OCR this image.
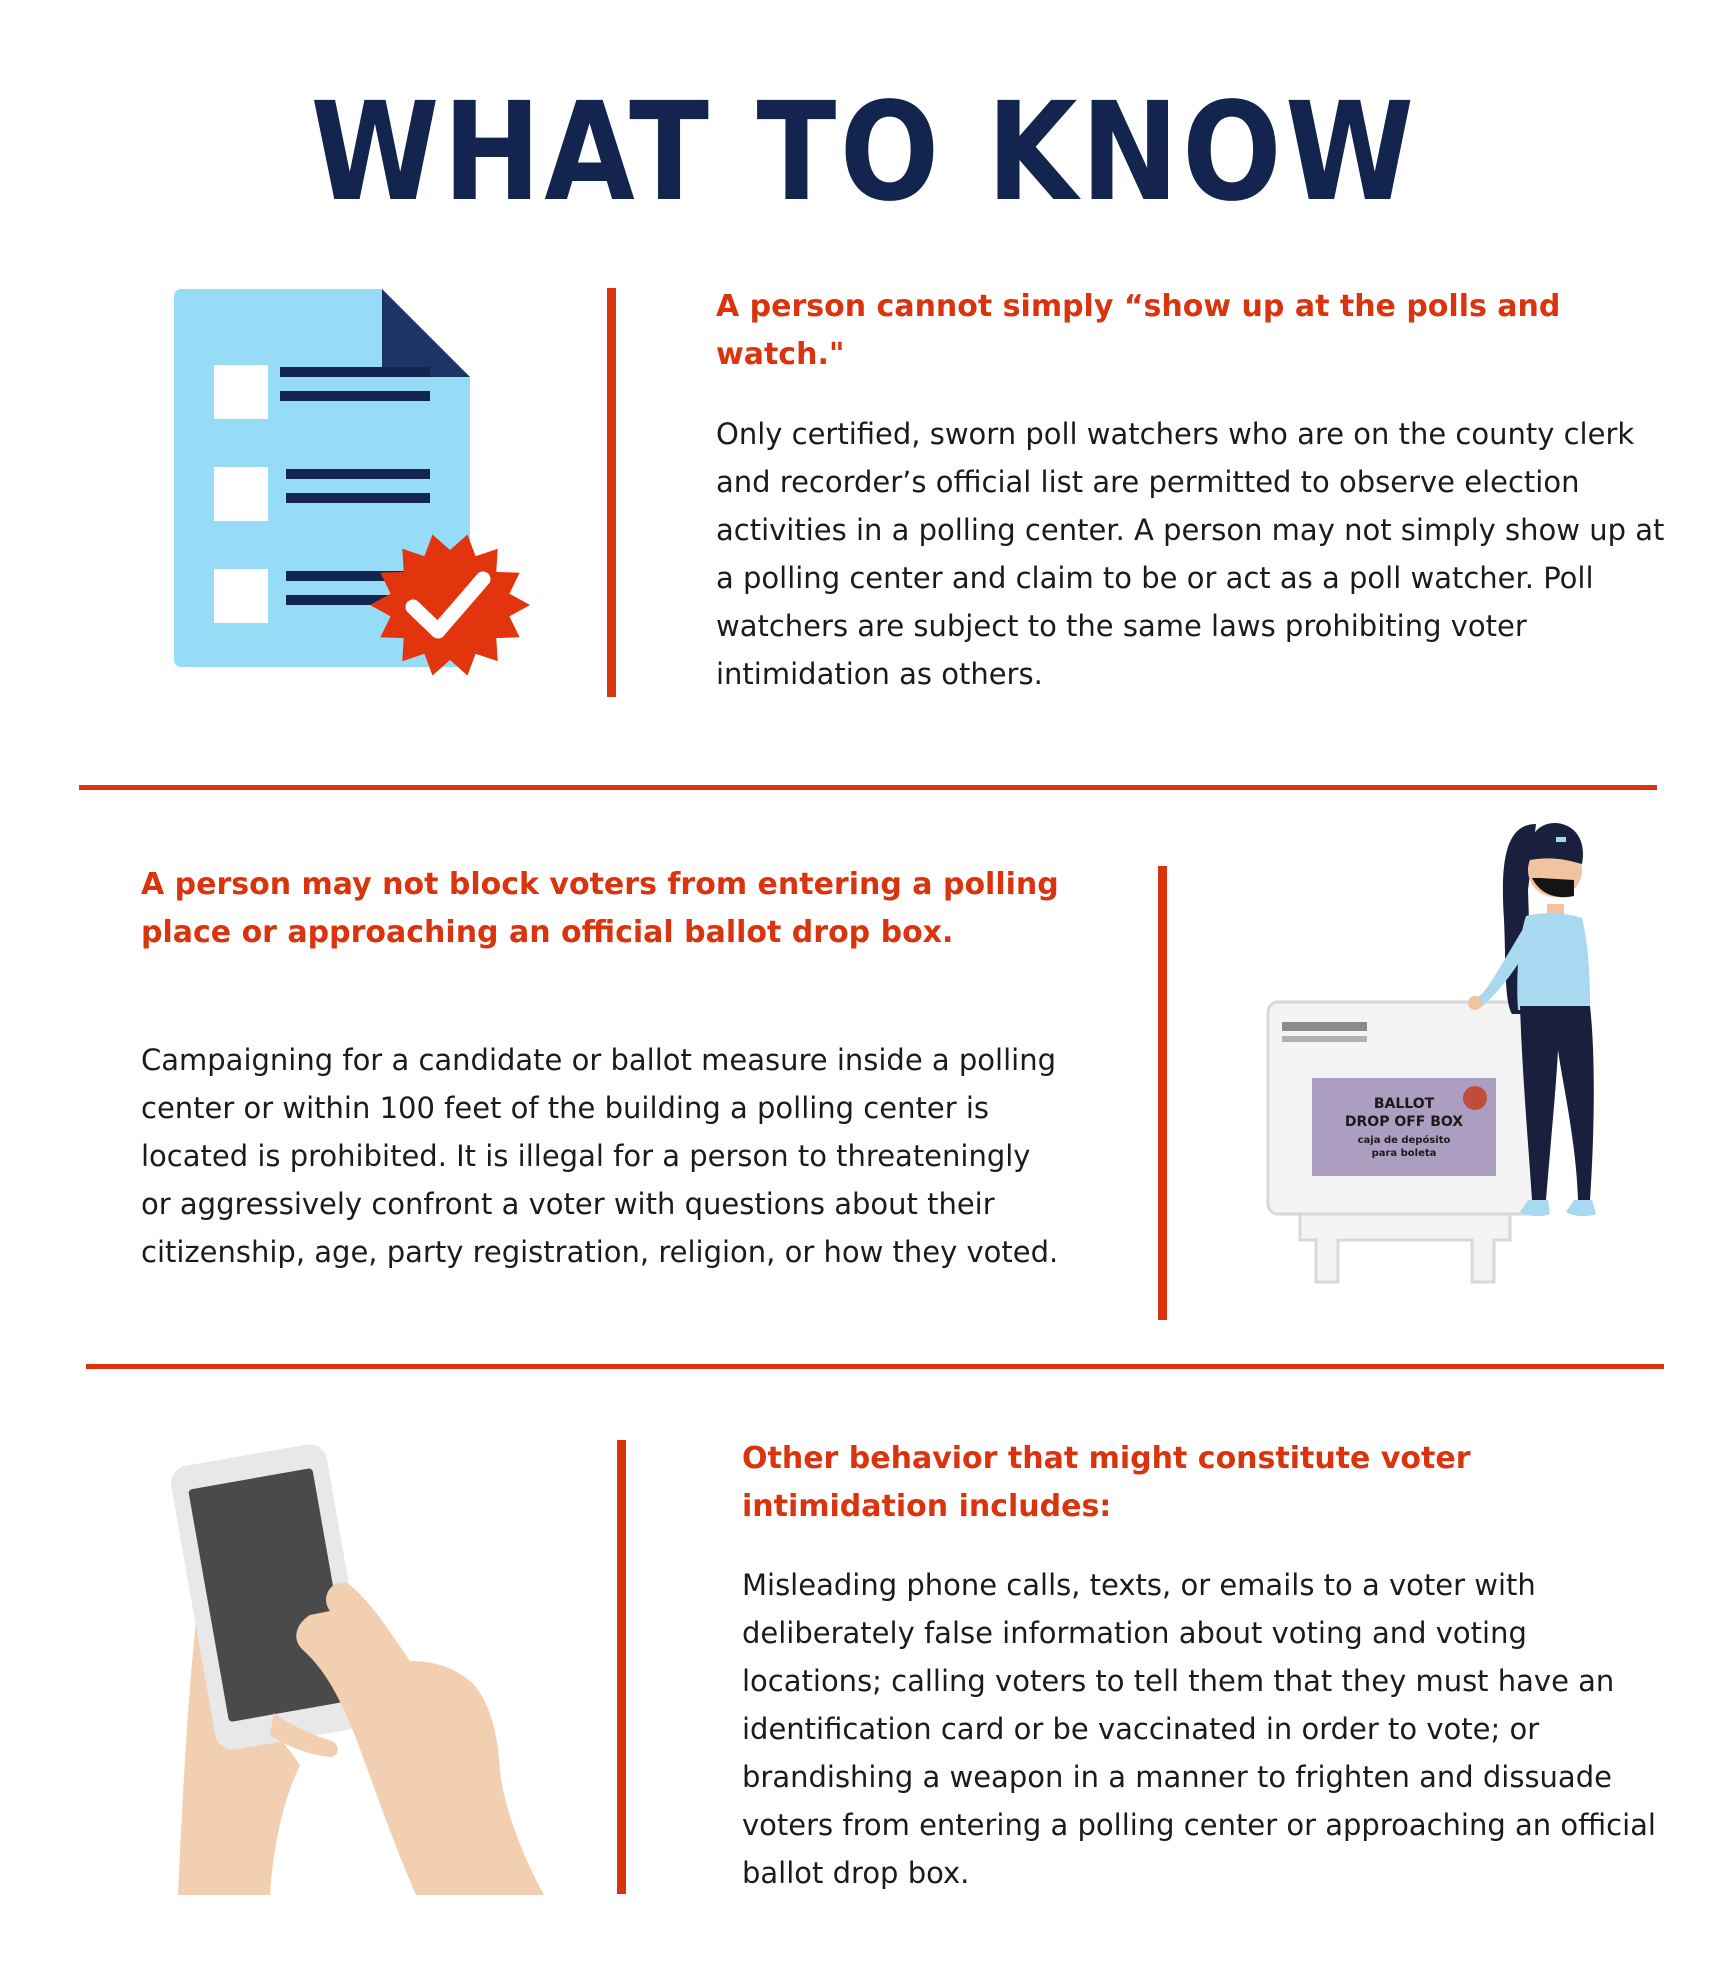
WHAT TO KNOW
A person cannot simply “show up at the polls and watch."

Only certified, sworn poll watchers who are on the county clerk and recorder’s official list are permitted to observe election activities in a polling center. A person may not simply show up at a polling center and claim to be or act as a poll watcher. Poll watchers are subject to the same laws prohibiting voter intimidation as others.

A person may not block voters from entering a polling place or approaching an official ballot drop box.

Campaigning for a candidate or ballot measure inside a polling center or within 100 feet of the building a polling center is located is prohibited. It is illegal for a person to threateningly or aggressively confront a voter with questions about their citizenship, age, party registration, religion, or how they voted.

BALLOT
DROP OFF BOX
caja de depósito
para boleta
Other behavior that might constitute voter intimidation includes:

Misleading phone calls, texts, or emails to a voter with deliberately false information about voting and voting locations; calling voters to tell them that they must have an identification card or be vaccinated in order to vote; or brandishing a weapon in a manner to frighten and dissuade voters from entering a polling center or approaching an official ballot drop box.
